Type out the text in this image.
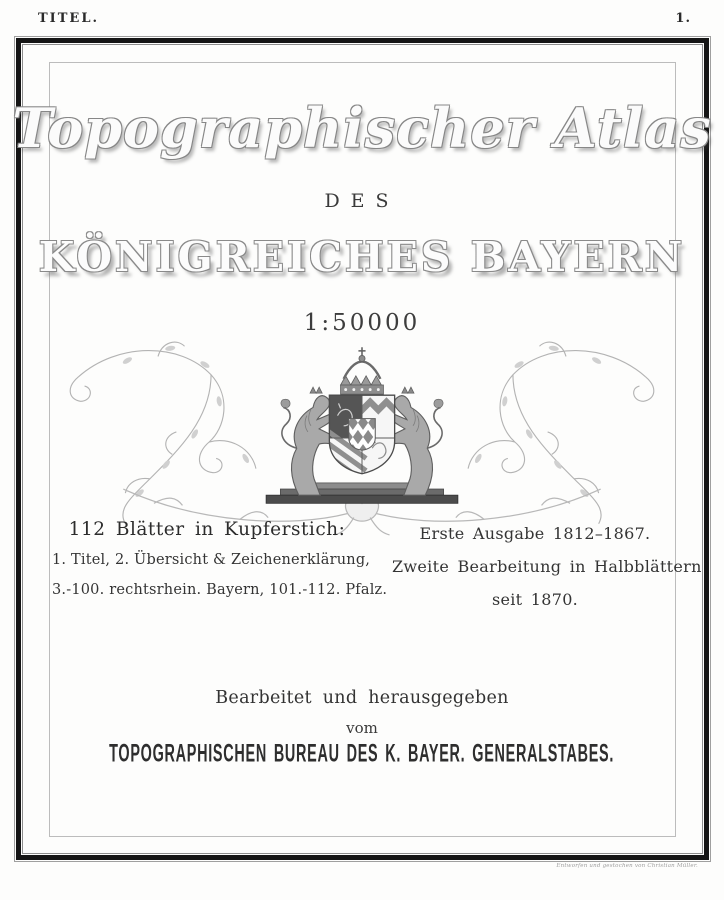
TITEL.	1.
Topographischer Atlas
DES
KÖNIGREICHES BAYERN
1:50000
112 Blätter in Kupferstich:
1. Titel, 2. Übersicht & Zeichenerklärung,
3.-100. rechtsrhein. Bayern, 101.-112. Pfalz.
Erste Ausgabe 1812–1867.
Zweite Bearbeitung in Halbblättern
seit 1870.
Bearbeitet und herausgegeben
vom
TOPOGRAPHISCHEN BUREAU DES K. BAYER. GENERALSTABES.
Entworfen und gestochen von Christian Müller.
